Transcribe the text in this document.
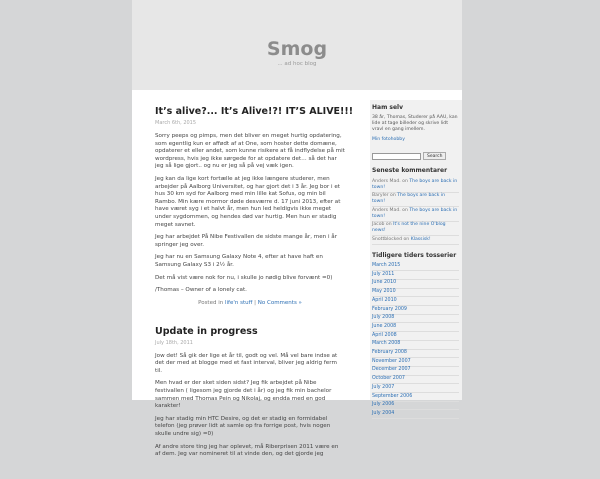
Smog
... ad hoc blog
It’s alive?... It’s Alive!?! IT’S ALIVE!!!
March 6th, 2015

Sorry peeps og pimps, men det bliver en meget hurtig opdatering, som egentlig kun er affødt af at One, som hoster dette domæne, opdaterer et eller andet, som kunne risikere at få indflydelse på mit wordpress, hvis jeg ikke sørgede for at opdatere det… så det har jeg så lige gjort.. og nu er jeg så på vej væk igen.

Jeg kan da lige kort fortælle at jeg ikke længere studerer, men arbejder på Aalborg Universitet, og har gjort det i 3 år. Jeg bor i et hus 30 km syd for Aalborg med min lille kat Sofus, og min bil Rambo. Min kære mormor døde desværre d. 17 juni 2013, efter at have været syg i et halvt år, men hun led heldigvis ikke meget under sygdommen, og hendes død var hurtig. Men hun er stadig meget savnet.

Jeg har arbejdet På Nibe Festivallen de sidste mange år, men i år springer jeg over.

Jeg har nu en Samsung Galaxy Note 4, efter at have haft en Samsung Galaxy S3 i 2½ år.

Det må vist være nok for nu, i skulle jo nødig blive forvænt =0)

/Thomas – Owner of a lonely cat.

Posted in life'n stuff | No Comments »
Update in progress
July 18th, 2011

Jow det! Så gik der lige et år til, godt og vel. Må vel bare indse at det der med at blogge med et fast interval, bliver jeg aldrig ferm til.

Men hvad er der sket siden sidst? Jeg fik arbejdet på Nibe festivallen ( ligesom jeg gjorde det i år) og jeg fik min bachelor sammen med Thomas Pein og Nikolaj, og endda med en god karakter!

Jeg har stadig min HTC Desire, og det er stadig en formidabel telefon (jeg prøver lidt at samle op fra forrige post, hvis nogen skulle undre sig) =0)

Af andre store ting jeg har oplevet, må Riberprisen 2011 være en af dem. Jeg var nomineret til at vinde den, og det gjorde jeg

Ham selv
38 år, Thomas, Studerer på AAU, kan lide at tage billeder og skrive lidt vravl en gang imellem.
Min fotohobby
Search
Seneste kommentarer
Anders Mad. on The boys are back in town!
Baryler on The boys are back in town!
Anders Mad. on The boys are back in town!
Jacob on It's not the nine O'blog news!
Snottblocked on Klassisk!
Tidligere tiders tosserier
March 2015
July 2011
June 2010
May 2010
April 2010
February 2009
July 2008
June 2008
April 2008
March 2008
February 2008
November 2007
December 2007
October 2007
July 2007
September 2006
July 2006
July 2004
